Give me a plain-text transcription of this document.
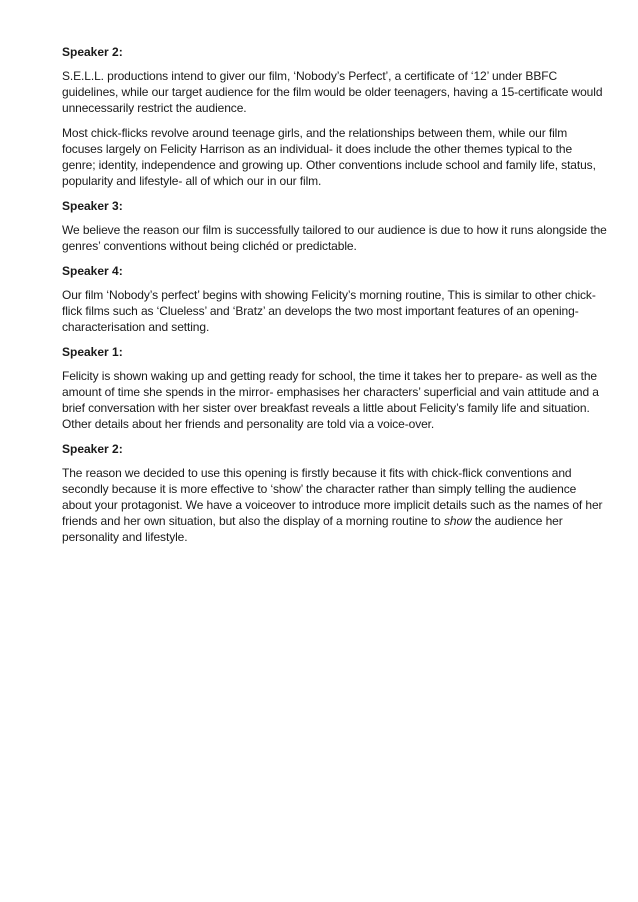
Speaker 2:

S.E.L.L. productions intend to giver our film, ‘Nobody’s Perfect’, a certificate of ‘12’ under BBFC guidelines, while our target audience for the film would be older teenagers, having a 15-certificate would unnecessarily restrict the audience.

Most chick-flicks revolve around teenage girls, and the relationships between them, while our film focuses largely on Felicity Harrison as an individual- it does include the other themes typical to the genre; identity, independence and growing up. Other conventions include school and family life, status, popularity and lifestyle- all of which our in our film.

Speaker 3:

We believe the reason our film is successfully tailored to our audience is due to how it runs alongside the genres’ conventions without being clichéd or predictable.

Speaker 4:

Our film ‘Nobody’s perfect’ begins with showing Felicity’s morning routine, This is similar to other chick-flick films such as ‘Clueless’ and ‘Bratz’ an develops the two most important features of an opening- characterisation and setting.

Speaker 1:

Felicity is shown waking up and getting ready for school, the time it takes her to prepare- as well as the amount of time she spends in the mirror- emphasises her characters’ superficial and vain attitude and a brief conversation with her sister over breakfast reveals a little about Felicity’s family life and situation. Other details about her friends and personality are told via a voice-over.

Speaker 2:

The reason we decided to use this opening is firstly because it fits with chick-flick conventions and secondly because it is more effective to ‘show’ the character rather than simply telling the audience about your protagonist. We have a voiceover to introduce more implicit details such as the names of her friends and her own situation, but also the display of a morning routine to show the audience her personality and lifestyle.
